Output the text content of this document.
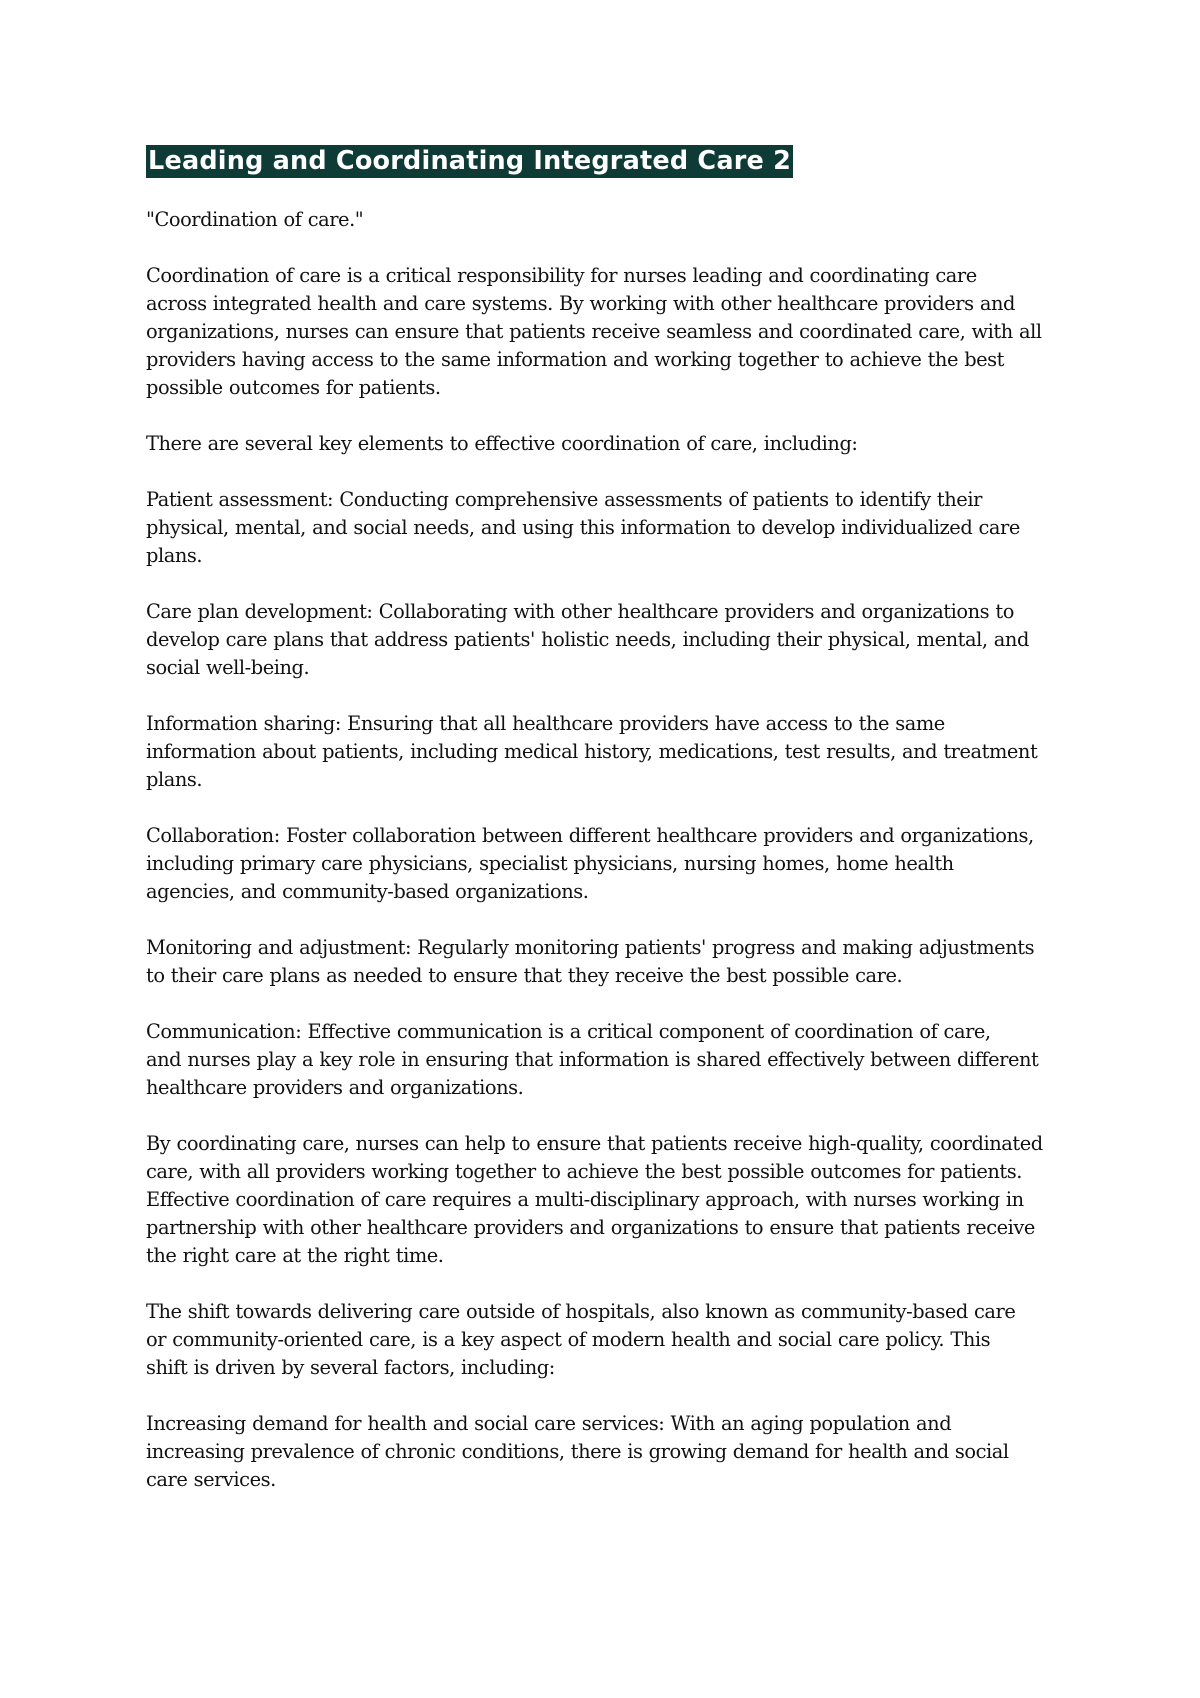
Leading and Coordinating Integrated Care 2

"Coordination of care."

Coordination of care is a critical responsibility for nurses leading and coordinating care
across integrated health and care systems. By working with other healthcare providers and
organizations, nurses can ensure that patients receive seamless and coordinated care, with all
providers having access to the same information and working together to achieve the best
possible outcomes for patients.

There are several key elements to effective coordination of care, including:

Patient assessment: Conducting comprehensive assessments of patients to identify their
physical, mental, and social needs, and using this information to develop individualized care
plans.

Care plan development: Collaborating with other healthcare providers and organizations to
develop care plans that address patients' holistic needs, including their physical, mental, and
social well-being.

Information sharing: Ensuring that all healthcare providers have access to the same
information about patients, including medical history, medications, test results, and treatment
plans.

Collaboration: Foster collaboration between different healthcare providers and organizations,
including primary care physicians, specialist physicians, nursing homes, home health
agencies, and community-based organizations.

Monitoring and adjustment: Regularly monitoring patients' progress and making adjustments
to their care plans as needed to ensure that they receive the best possible care.

Communication: Effective communication is a critical component of coordination of care,
and nurses play a key role in ensuring that information is shared effectively between different
healthcare providers and organizations.

By coordinating care, nurses can help to ensure that patients receive high-quality, coordinated
care, with all providers working together to achieve the best possible outcomes for patients.
Effective coordination of care requires a multi-disciplinary approach, with nurses working in
partnership with other healthcare providers and organizations to ensure that patients receive
the right care at the right time.

The shift towards delivering care outside of hospitals, also known as community-based care
or community-oriented care, is a key aspect of modern health and social care policy. This
shift is driven by several factors, including:

Increasing demand for health and social care services: With an aging population and
increasing prevalence of chronic conditions, there is growing demand for health and social
care services.
